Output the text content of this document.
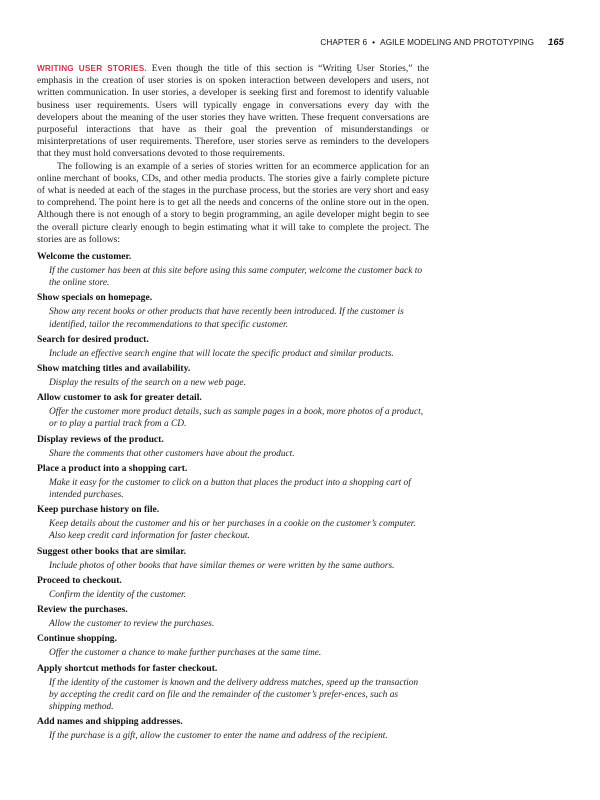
CHAPTER 6 • AGILE MODELING AND PROTOTYPING 165

WRITING USER STORIES. Even though the title of this section is “Writing User Stories,” the emphasis in the creation of user stories is on spoken interaction between developers and users, not written communication. In user stories, a developer is seeking first and foremost to identify valuable business user requirements. Users will typically engage in conversations every day with the developers about the meaning of the user stories they have written. These frequent conversations are purposeful interactions that have as their goal the prevention of misunderstandings or misinterpretations of user requirements. Therefore, user stories serve as reminders to the developers that they must hold conversations devoted to those requirements.

The following is an example of a series of stories written for an ecommerce application for an online merchant of books, CDs, and other media products. The stories give a fairly complete picture of what is needed at each of the stages in the purchase process, but the stories are very short and easy to comprehend. The point here is to get all the needs and concerns of the online store out in the open. Although there is not enough of a story to begin programming, an agile developer might begin to see the overall picture clearly enough to begin estimating what it will take to complete the project. The stories are as follows:

Welcome the customer.
If the customer has been at this site before using this same computer, welcome the customer back to the online store.
Show specials on homepage.
Show any recent books or other products that have recently been introduced. If the customer is identified, tailor the recommendations to that specific customer.
Search for desired product.
Include an effective search engine that will locate the specific product and similar products.
Show matching titles and availability.
Display the results of the search on a new web page.
Allow customer to ask for greater detail.
Offer the customer more product details, such as sample pages in a book, more photos of a product, or to play a partial track from a CD.
Display reviews of the product.
Share the comments that other customers have about the product.
Place a product into a shopping cart.
Make it easy for the customer to click on a button that places the product into a shopping cart of intended purchases.
Keep purchase history on file.
Keep details about the customer and his or her purchases in a cookie on the customer’s computer. Also keep credit card information for faster checkout.
Suggest other books that are similar.
Include photos of other books that have similar themes or were written by the same authors.
Proceed to checkout.
Confirm the identity of the customer.
Review the purchases.
Allow the customer to review the purchases.
Continue shopping.
Offer the customer a chance to make further purchases at the same time.
Apply shortcut methods for faster checkout.
If the identity of the customer is known and the delivery address matches, speed up the transaction by accepting the credit card on file and the remainder of the customer’s prefer-ences, such as shipping method.
Add names and shipping addresses.
If the purchase is a gift, allow the customer to enter the name and address of the recipient.
